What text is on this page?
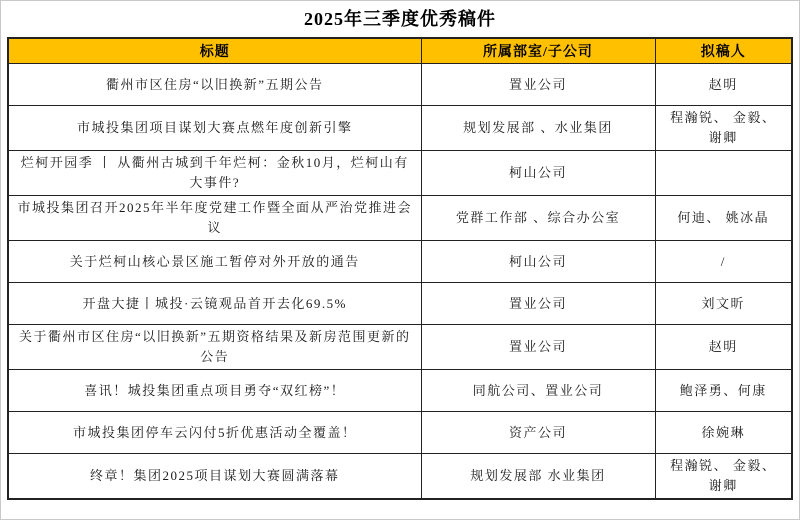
2025年三季度优秀稿件
标题	所属部室/子公司	拟稿人
衢州市区住房“以旧换新”五期公告	置业公司	赵明
市城投集团项目谋划大赛点燃年度创新引擎	规划发展部 、水业集团	程瀚锐、 金毅、 谢卿
烂柯开园季 丨 从衢州古城到千年烂柯：金秋10月，烂柯山有大事件?	柯山公司	
市城投集团召开2025年半年度党建工作暨全面从严治党推进会议	党群工作部 、综合办公室	何迪、 姚冰晶
关于烂柯山核心景区施工暂停对外开放的通告	柯山公司	/
开盘大捷丨城投·云镜观品首开去化69.5%	置业公司	刘文昕
关于衢州市区住房“以旧换新”五期资格结果及新房范围更新的公告	置业公司	赵明
喜讯！城投集团重点项目勇夺“双红榜”！	同航公司、置业公司	鲍泽勇、何康
市城投集团停车云闪付5折优惠活动全覆盖！	资产公司	徐婉琳
终章！集团2025项目谋划大赛圆满落幕	规划发展部 水业集团	程瀚锐、 金毅、 谢卿
